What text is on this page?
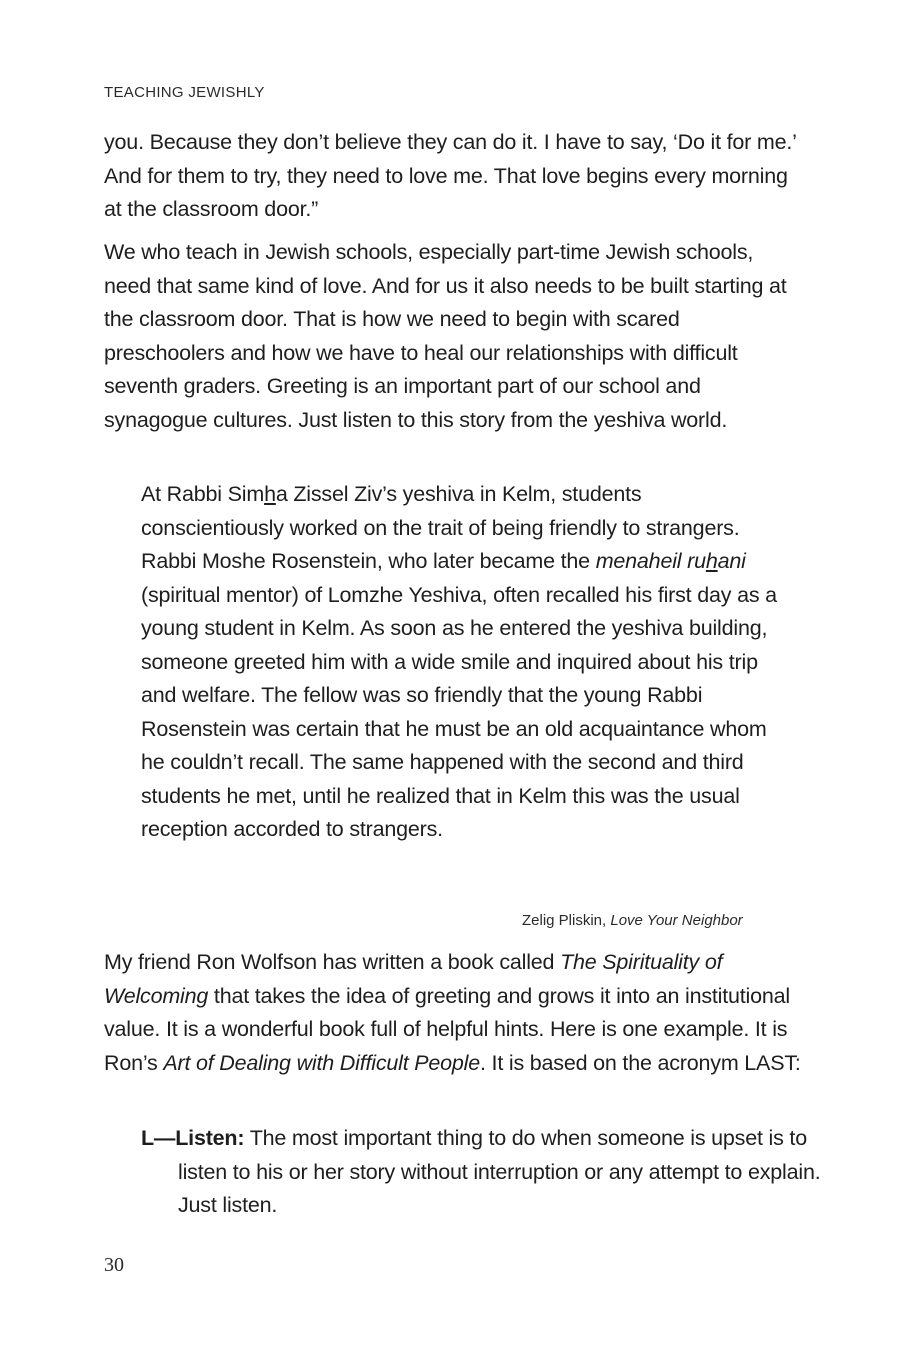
TEACHING JEWISHLY

you. Because they don’t believe they can do it. I have to say, ‘Do it for me.’ And for them to try, they need to love me. That love begins every morning at the classroom door.”

We who teach in Jewish schools, especially part-time Jewish schools, need that same kind of love. And for us it also needs to be built starting at the classroom door. That is how we need to begin with scared preschoolers and how we have to heal our relationships with difficult seventh graders. Greeting is an important part of our school and synagogue cultures. Just listen to this story from the yeshiva world.

At Rabbi Simha Zissel Ziv’s yeshiva in Kelm, students conscientiously worked on the trait of being friendly to strangers. Rabbi Moshe Rosenstein, who later became the menaheil ruhani (spiritual mentor) of Lomzhe Yeshiva, often recalled his first day as a young student in Kelm. As soon as he entered the yeshiva building, someone greeted him with a wide smile and inquired about his trip and welfare. The fellow was so friendly that the young Rabbi Rosenstein was certain that he must be an old acquaintance whom he couldn’t recall. The same happened with the second and third students he met, until he realized that in Kelm this was the usual reception accorded to strangers.
Zelig Pliskin, Love Your Neighbor

My friend Ron Wolfson has written a book called The Spirituality of Welcoming that takes the idea of greeting and grows it into an institutional value. It is a wonderful book full of helpful hints. Here is one example. It is Ron’s Art of Dealing with Difficult People. It is based on the acronym LAST:

L—Listen: The most important thing to do when someone is upset is to listen to his or her story without interruption or any attempt to explain. Just listen.
30
